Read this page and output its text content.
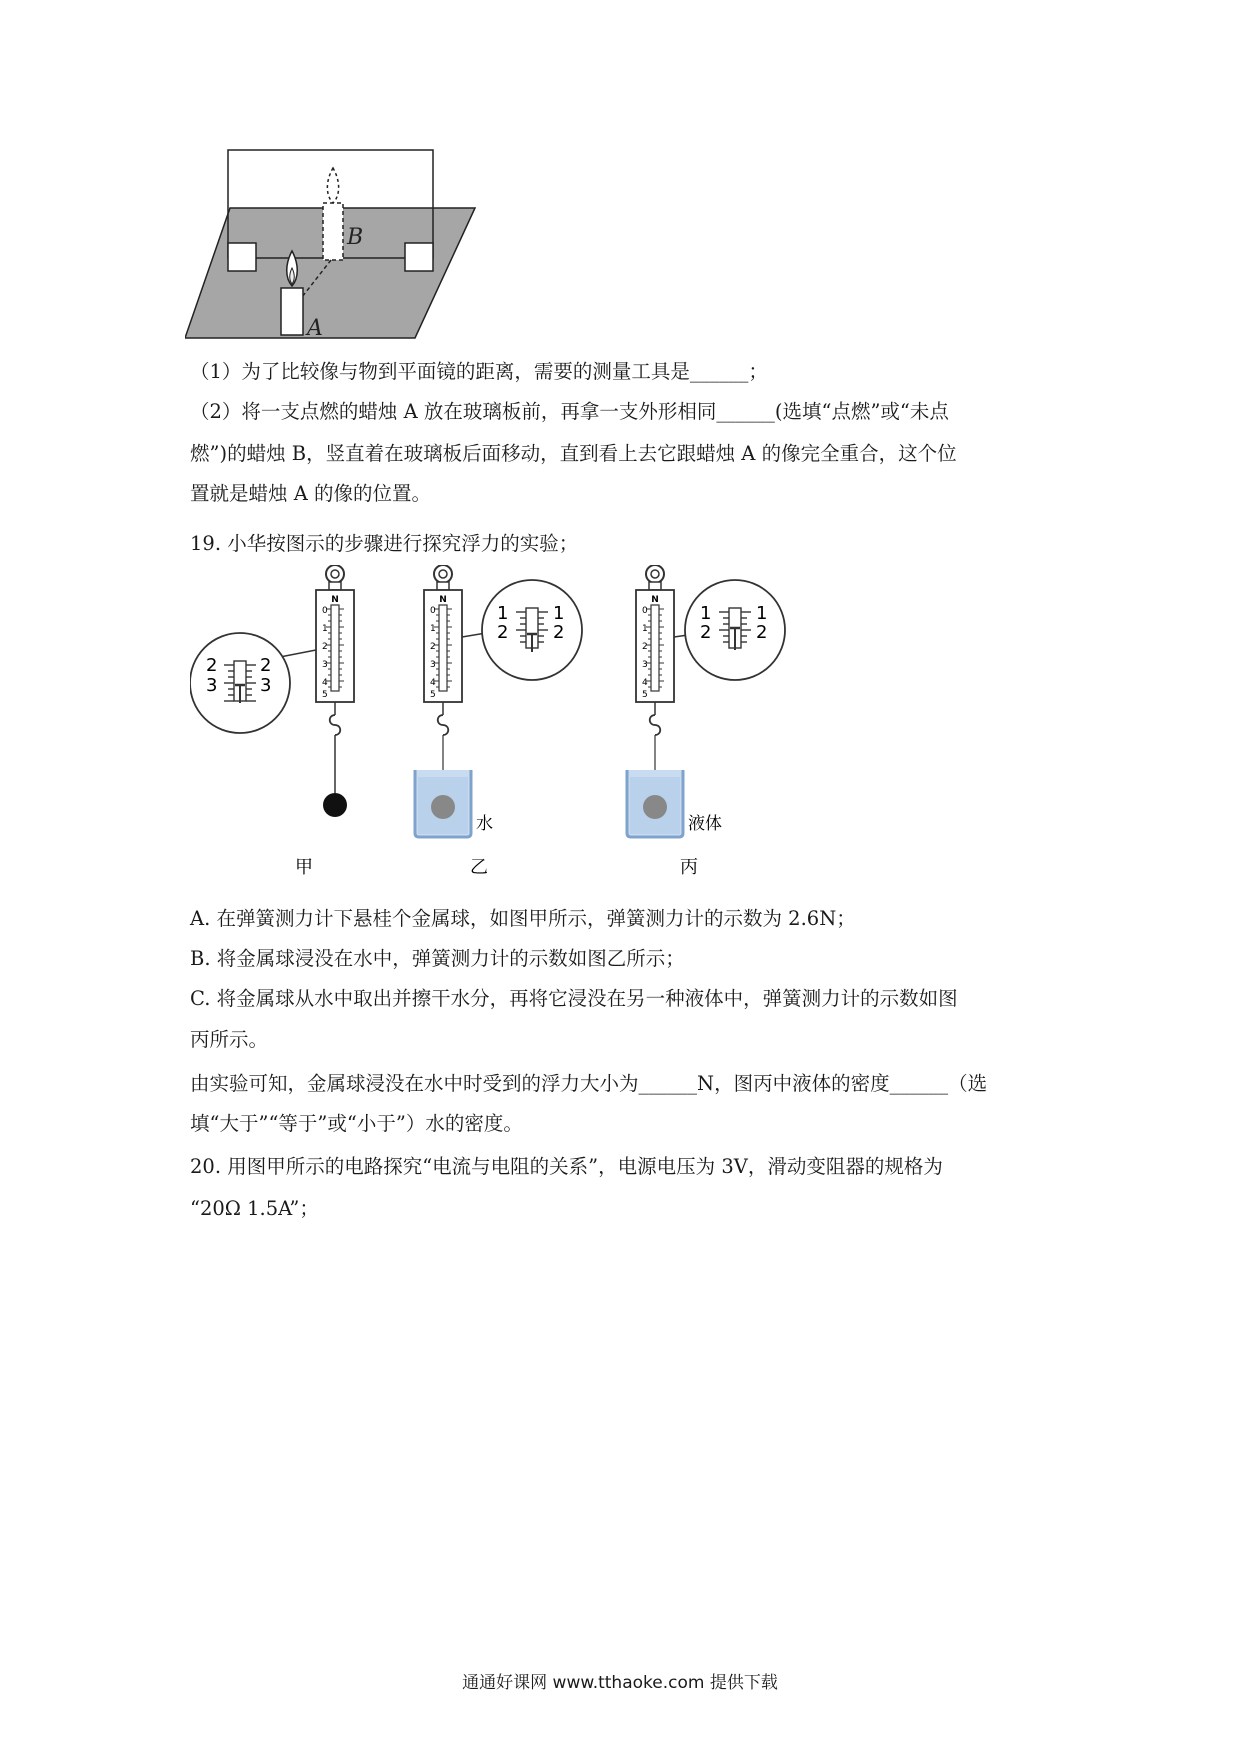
A
B
（1）为了比较像与物到平面镜的距离，需要的测量工具是______；
（2）将一支点燃的蜡烛 A 放在玻璃板前，再拿一支外形相同______(选填“点燃”或“未点
燃”)的蜡烛 B，竖直着在玻璃板后面移动，直到看上去它跟蜡烛 A 的像完全重合，这个位
置就是蜡烛 A 的像的位置。
19. 小华按图示的步骤进行探究浮力的实验；
N
0
1
2
3
4
5
2
3
2
3
甲
N
0
1
2
3
4
5
水
1
2
1
2
乙
N
0
1
2
3
4
5
液体
1
2
1
2
丙
A. 在弹簧测力计下悬桂个金属球，如图甲所示，弹簧测力计的示数为 2.6N；
B. 将金属球浸没在水中，弹簧测力计的示数如图乙所示；
C. 将金属球从水中取出并擦干水分，再将它浸没在另一种液体中，弹簧测力计的示数如图
丙所示。
由实验可知，金属球浸没在水中时受到的浮力大小为______N，图丙中液体的密度______（选
填“大于”“等于”或“小于”）水的密度。
20. 用图甲所示的电路探究“电流与电阻的关系”，电源电压为 3V，滑动变阻器的规格为
“20Ω 1.5A”；
通通好课网 www.tthaoke.com 提供下载
